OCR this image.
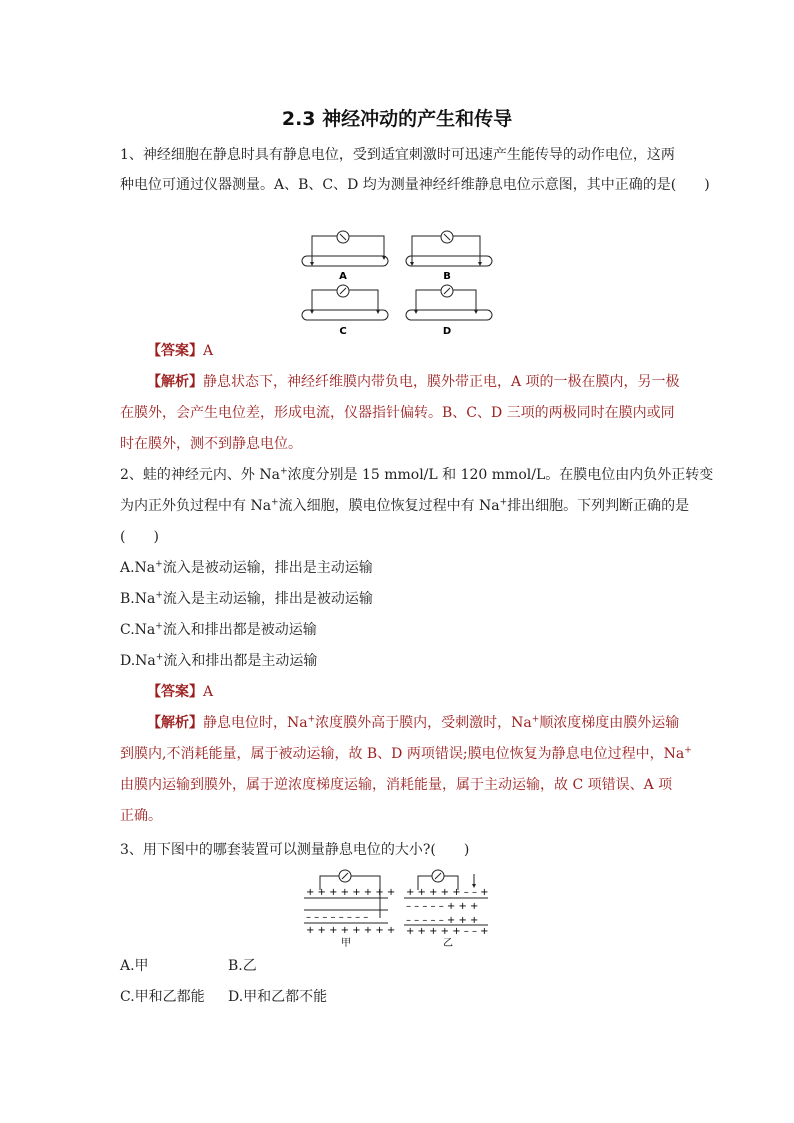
2.3 神经冲动的产生和传导
1、神经细胞在静息时具有静息电位，受到适宜刺激时可迅速产生能传导的动作电位，这两
种电位可通过仪器测量。A、B、C、D 均为测量神经纤维静息电位示意图，其中正确的是(　　)
A	B
C	D
【答案】A
【解析】静息状态下，神经纤维膜内带负电，膜外带正电，A 项的一极在膜内，另一极
在膜外，会产生电位差，形成电流，仪器指针偏转。B、C、D 三项的两极同时在膜内或同
时在膜外，测不到静息电位。
2、蛙的神经元内、外 Na+浓度分别是 15 mmol/L 和 120 mmol/L。在膜电位由内负外正转变
为内正外负过程中有 Na+流入细胞，膜电位恢复过程中有 Na+排出细胞。下列判断正确的是
(　　)
A.Na+流入是被动运输，排出是主动运输
B.Na+流入是主动运输，排出是被动运输
C.Na+流入和排出都是被动运输
D.Na+流入和排出都是主动运输
【答案】A
【解析】静息电位时，Na+浓度膜外高于膜内，受刺激时，Na+顺浓度梯度由膜外运输
到膜内,不消耗能量，属于被动运输，故 B、D 两项错误;膜电位恢复为静息电位过程中，Na+
由膜内运输到膜外，属于逆浓度梯度运输，消耗能量，属于主动运输，故 C 项错误、A 项
正确。
3、用下图中的哪套装置可以测量静息电位的大小?(　　)
+ + + + + + + +
– – – – – – – –
+ + + + + + + +
甲
+ + + + + – – +
– – – – – + + +
– – – – – + + +
+ + + + + – – +
乙
A.甲	B.乙
C.甲和乙都能 D.甲和乙都不能
